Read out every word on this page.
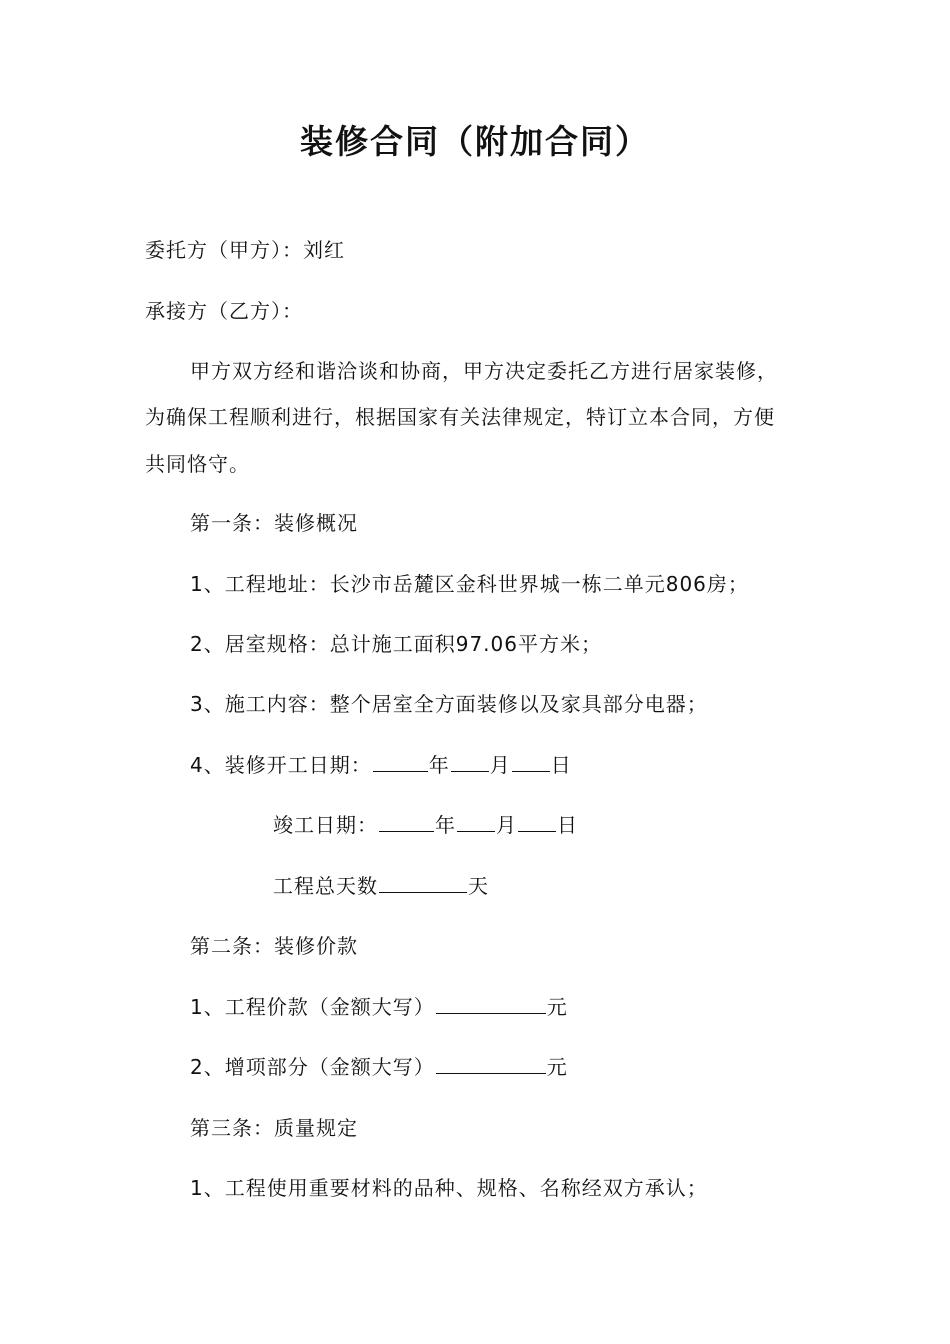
装修合同（附加合同）
委托方（甲方）：刘红
承接方（乙方）：
甲方双方经和谐洽谈和协商，甲方决定委托乙方进行居家装修，
为确保工程顺利进行，根据国家有关法律规定，特订立本合同，方便
共同恪守。
第一条：装修概况
1、工程地址：长沙市岳麓区金科世界城一栋二单元806房；
2、居室规格：总计施工面积97.06平方米；
3、施工内容：整个居室全方面装修以及家具部分电器；
4、装修开工日期：	年 月 日
竣工日期：	年 月 日
工程总天数	天
第二条：装修价款
1、工程价款（金额大写）	元
2、增项部分（金额大写）	元
第三条：质量规定
1、工程使用重要材料的品种、规格、名称经双方承认；
